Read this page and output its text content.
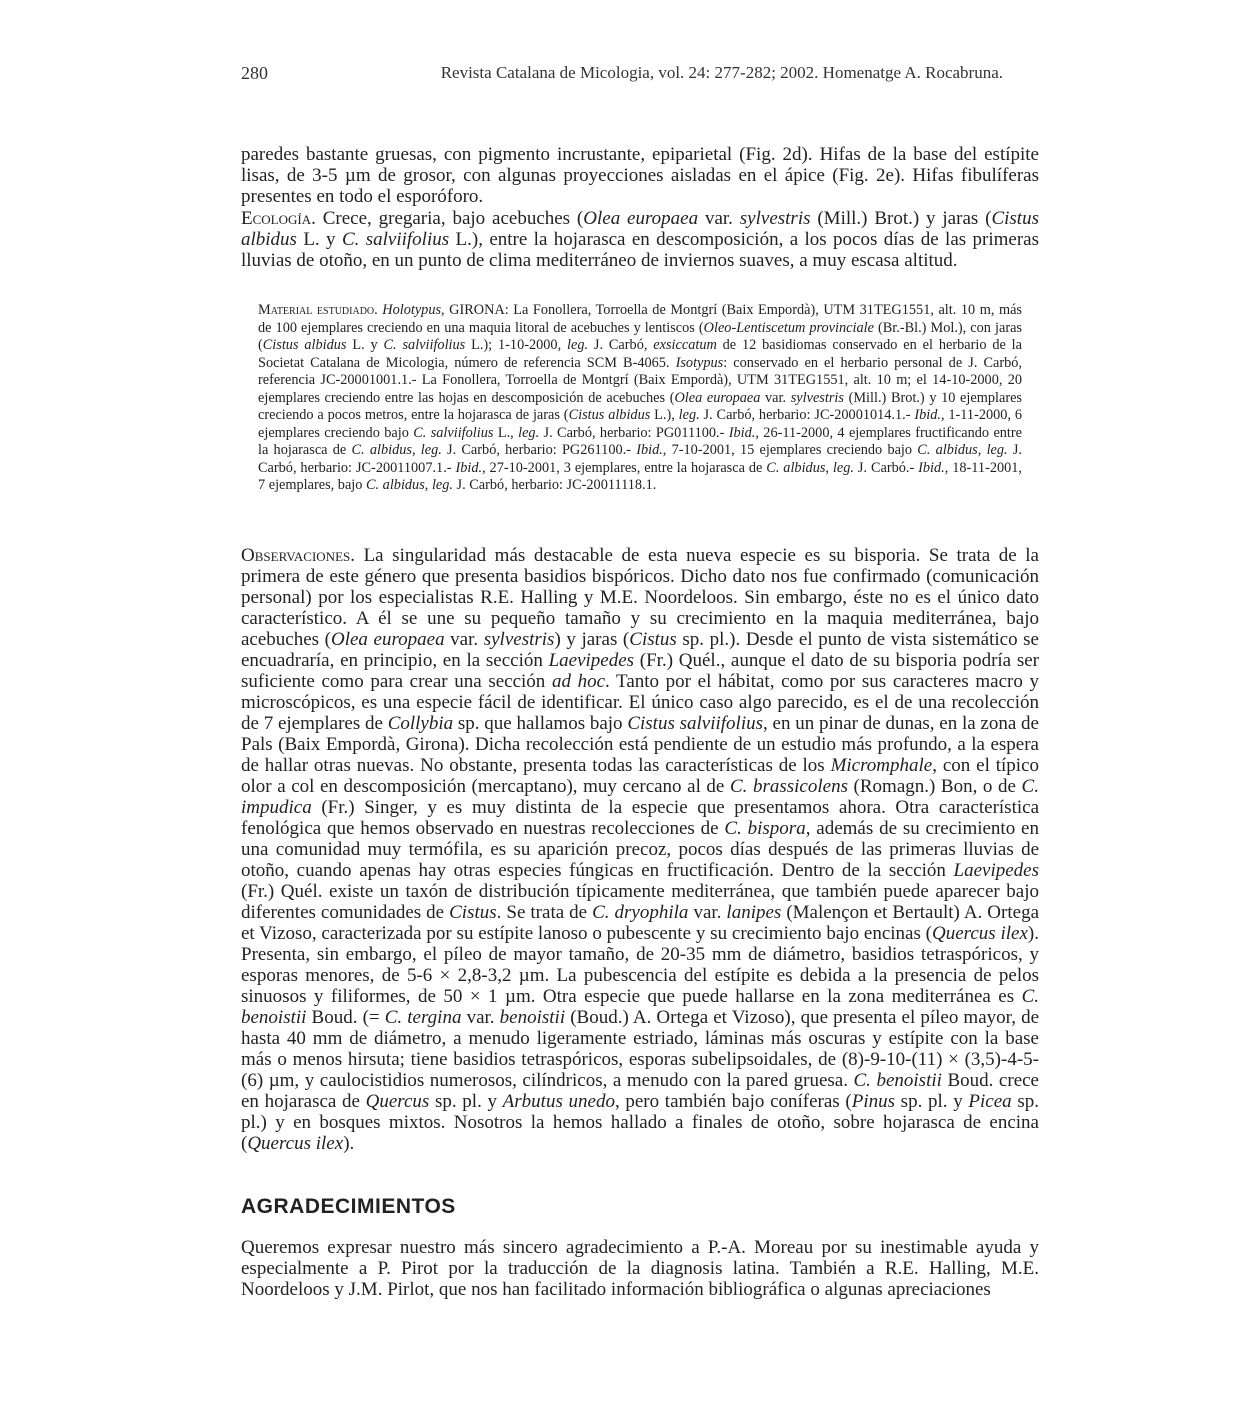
280	Revista Catalana de Micologia, vol. 24: 277-282; 2002. Homenatge A. Rocabruna.

paredes bastante gruesas, con pigmento incrustante, epiparietal (Fig. 2d). Hifas de la base del estípite lisas, de 3-5 µm de grosor, con algunas proyecciones aisladas en el ápice (Fig. 2e). Hifas fibulíferas presentes en todo el esporóforo.

Ecología. Crece, gregaria, bajo acebuches (Olea europaea var. sylvestris (Mill.) Brot.) y jaras (Cistus albidus L. y C. salviifolius L.), entre la hojarasca en descomposición, a los pocos días de las primeras lluvias de otoño, en un punto de clima mediterráneo de inviernos suaves, a muy escasa altitud.

Material estudiado. Holotypus, GIRONA: La Fonollera, Torroella de Montgrí (Baix Empordà), UTM 31TEG1551, alt. 10 m, más de 100 ejemplares creciendo en una maquia litoral de acebuches y lentiscos (Oleo-Lentiscetum provinciale (Br.-Bl.) Mol.), con jaras (Cistus albidus L. y C. salviifolius L.); 1-10-2000, leg. J. Carbó, exsiccatum de 12 basidiomas conservado en el herbario de la Societat Catalana de Micologia, número de referencia SCM B-4065. Isotypus: conservado en el herbario personal de J. Carbó, referencia JC-20001001.1.- La Fonollera, Torroella de Montgrí (Baix Empordà), UTM 31TEG1551, alt. 10 m; el 14-10-2000, 20 ejemplares creciendo entre las hojas en descomposición de acebuches (Olea europaea var. sylvestris (Mill.) Brot.) y 10 ejemplares creciendo a pocos metros, entre la hojarasca de jaras (Cistus albidus L.), leg. J. Carbó, herbario: JC-20001014.1.- Ibid., 1-11-2000, 6 ejemplares creciendo bajo C. salviifolius L., leg. J. Carbó, herbario: PG011100.- Ibid., 26-11-2000, 4 ejemplares fructificando entre la hojarasca de C. albidus, leg. J. Carbó, herbario: PG261100.- Ibid., 7-10-2001, 15 ejemplares creciendo bajo C. albidus, leg. J. Carbó, herbario: JC-20011007.1.- Ibid., 27-10-2001, 3 ejemplares, entre la hojarasca de C. albidus, leg. J. Carbó.- Ibid., 18-11-2001, 7 ejemplares, bajo C. albidus, leg. J. Carbó, herbario: JC-20011118.1.

Observaciones. La singularidad más destacable de esta nueva especie es su bisporia. Se trata de la primera de este género que presenta basidios bispóricos. Dicho dato nos fue confirmado (comunicación personal) por los especialistas R.E. Halling y M.E. Noordeloos. Sin embargo, éste no es el único dato característico. A él se une su pequeño tamaño y su crecimiento en la maquia mediterránea, bajo acebuches (Olea europaea var. sylvestris) y jaras (Cistus sp. pl.). Desde el punto de vista sistemático se encuadraría, en principio, en la sección Laevipedes (Fr.) Quél., aunque el dato de su bisporia podría ser suficiente como para crear una sección ad hoc. Tanto por el hábitat, como por sus caracteres macro y microscópicos, es una especie fácil de identificar. El único caso algo parecido, es el de una recolección de 7 ejemplares de Collybia sp. que hallamos bajo Cistus salviifolius, en un pinar de dunas, en la zona de Pals (Baix Empordà, Girona). Dicha recolección está pendiente de un estudio más profundo, a la espera de hallar otras nuevas. No obstante, presenta todas las características de los Micromphale, con el típico olor a col en descomposición (mercaptano), muy cercano al de C. brassicolens (Romagn.) Bon, o de C. impudica (Fr.) Singer, y es muy distinta de la especie que presentamos ahora. Otra característica fenológica que hemos observado en nuestras recolecciones de C. bispora, además de su crecimiento en una comunidad muy termófila, es su aparición precoz, pocos días después de las primeras lluvias de otoño, cuando apenas hay otras especies fúngicas en fructificación. Dentro de la sección Laevipedes (Fr.) Quél. existe un taxón de distribución típicamente mediterránea, que también puede aparecer bajo diferentes comunidades de Cistus. Se trata de C. dryophila var. lanipes (Malençon et Bertault) A. Ortega et Vizoso, caracterizada por su estípite lanoso o pubescente y su crecimiento bajo encinas (Quercus ilex). Presenta, sin embargo, el píleo de mayor tamaño, de 20-35 mm de diámetro, basidios tetraspóricos, y esporas menores, de 5-6 × 2,8-3,2 µm. La pubescencia del estípite es debida a la presencia de pelos sinuosos y filiformes, de 50 × 1 µm. Otra especie que puede hallarse en la zona mediterránea es C. benoistii Boud. (= C. tergina var. benoistii (Boud.) A. Ortega et Vizoso), que presenta el píleo mayor, de hasta 40 mm de diámetro, a menudo ligeramente estriado, láminas más oscuras y estípite con la base más o menos hirsuta; tiene basidios tetraspóricos, esporas subelipsoidales, de (8)-9-10-(11) × (3,5)-4-5-(6) µm, y caulocistidios numerosos, cilíndricos, a menudo con la pared gruesa. C. benoistii Boud. crece en hojarasca de Quercus sp. pl. y Arbutus unedo, pero también bajo coníferas (Pinus sp. pl. y Picea sp. pl.) y en bosques mixtos. Nosotros la hemos hallado a finales de otoño, sobre hojarasca de encina (Quercus ilex).

AGRADECIMIENTOS

Queremos expresar nuestro más sincero agradecimiento a P.-A. Moreau por su inestimable ayuda y especialmente a P. Pirot por la traducción de la diagnosis latina. También a R.E. Halling, M.E. Noordeloos y J.M. Pirlot, que nos han facilitado información bibliográfica o algunas apreciaciones
